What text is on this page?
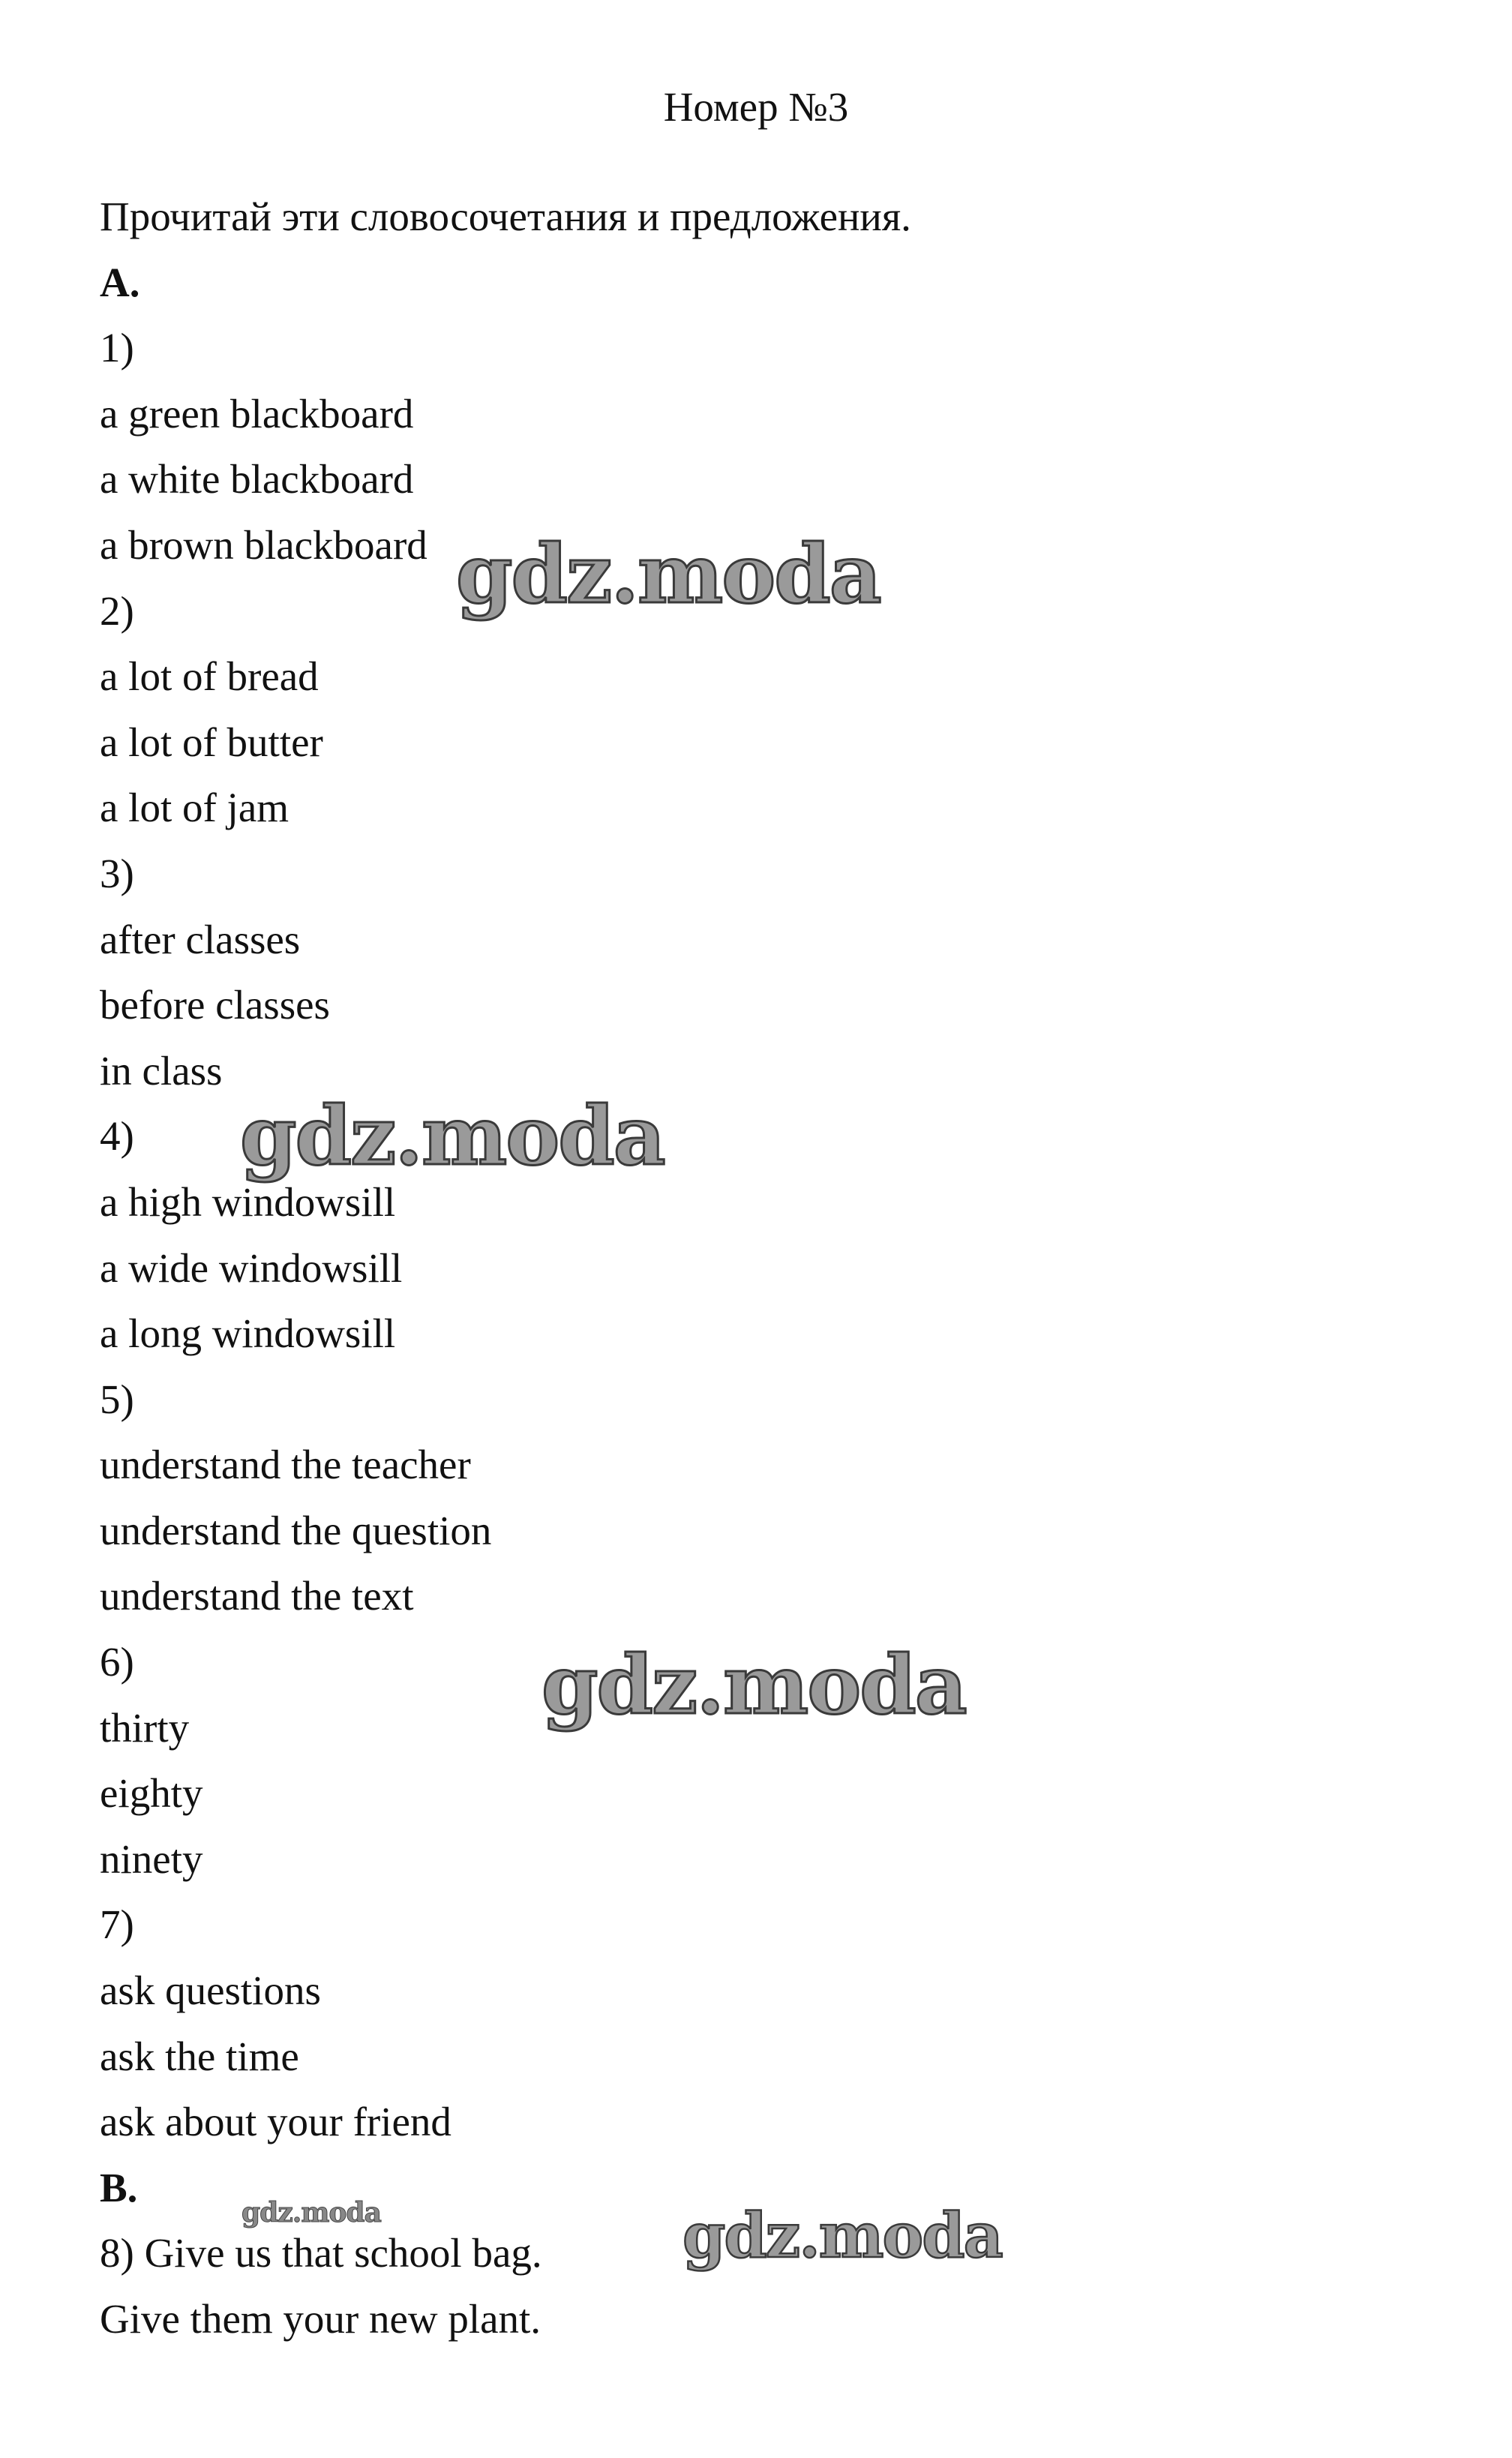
Номер №3
Прочитай эти словосочетания и предложения.
A.
1)
a green blackboard
a white blackboard
a brown blackboard
2)
a lot of bread
a lot of butter
a lot of jam
3)
after classes
before classes
in class
4)
a high windowsill
a wide windowsill
a long windowsill
5)
understand the teacher
understand the question
understand the text
6)
thirty
eighty
ninety
7)
ask questions
ask the time
ask about your friend
B.
8) Give us that school bag.
Give them your new plant.
gdz.moda
gdz.moda
gdz.moda
gdz.moda
gdz.moda
